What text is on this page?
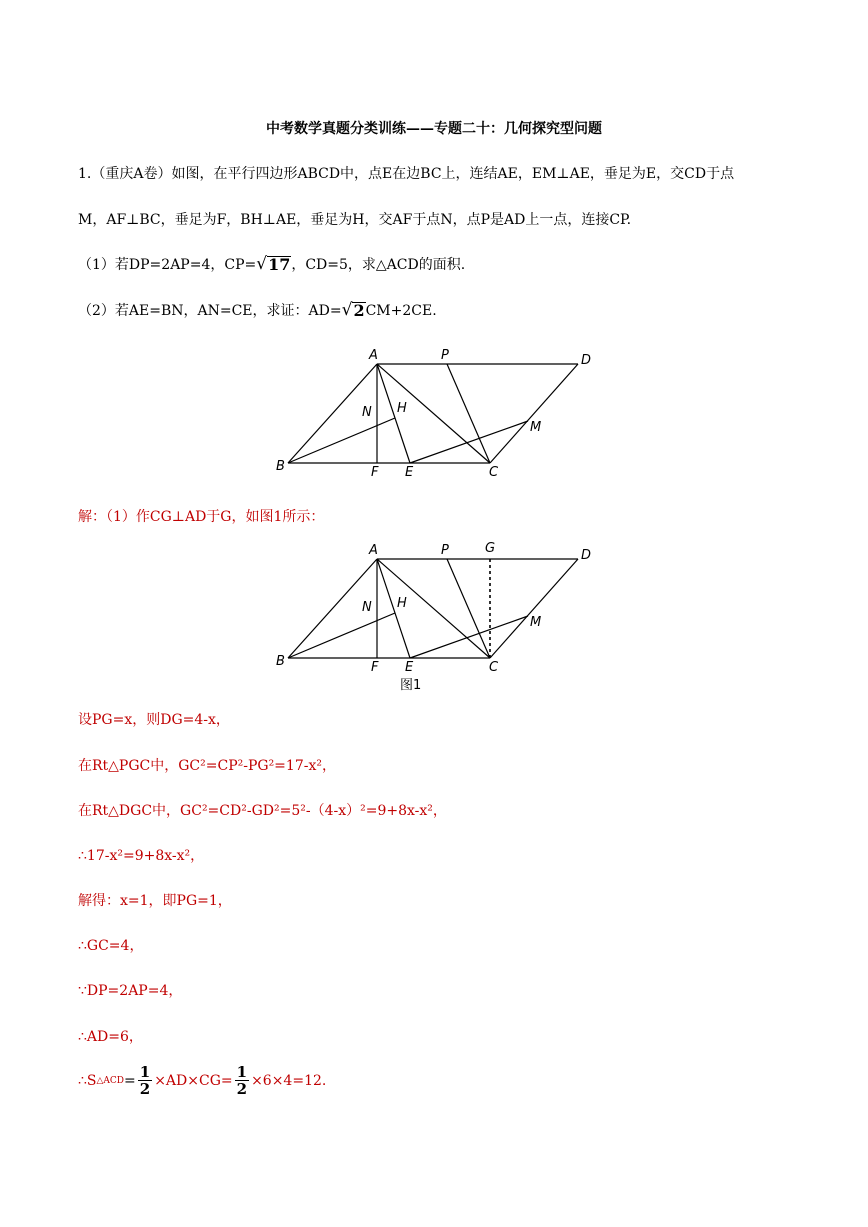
中考数学真题分类训练——专题二十：几何探究型问题
1.（重庆A卷）如图，在平行四边形ABCD中，点E在边BC上，连结AE，EM⊥AE，垂足为E，交CD于点
M，AF⊥BC，垂足为F，BH⊥AE，垂足为H，交AF于点N，点P是AD上一点，连接CP.
（1）若DP=2AP=4，CP= √ 17 ，CD=5，求△ACD的面积.
（2）若AE=BN，AN=CE，求证：AD= √ 2 CM+2CE.
A	P	D
N H
M
B	F E	C
解：（1）作CG⊥AD于G，如图1所示：
A	P	G	D
N H
M
B	F E	C
图1
设PG=x，则DG=4-x，
在Rt△PGC中，GC²=CP²-PG²=17-x²，
在Rt△DGC中，GC²=CD²-GD²=5²-（4-x）²=9+8x-x²，
∴17-x²=9+8x-x²，
解得：x=1，即PG=1，
∴GC=4，
∵DP=2AP=4，
∴AD=6，
∴S △ACD = $\frac{1}{2} \times AD\times CG= \frac{1}{2} \times 6\times 4=12$.
